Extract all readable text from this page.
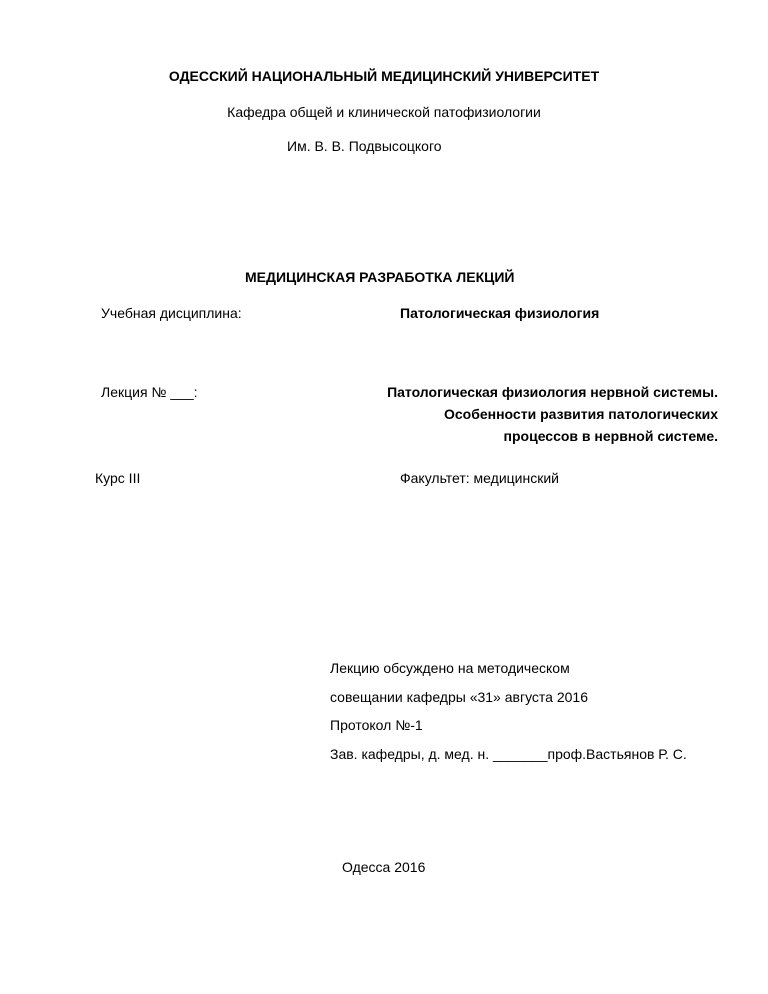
ОДЕССКИЙ НАЦИОНАЛЬНЫЙ МЕДИЦИНСКИЙ УНИВЕРСИТЕТ
Кафедра общей и клинической патофизиологии
Им. В. В. Подвысоцкого
МЕДИЦИНСКАЯ РАЗРАБОТКА ЛЕКЦИЙ
Учебная дисциплина:	Патологическая физиология
Лекция № ___:	Патологическая физиология нервной системы.
Особенности развития патологических
процессов в нервной системе.
Курс III	Факультет: медицинский
Лекцию обсуждено на методическом
совещании кафедры «31» августа 2016
Протокол №-1
Зав. кафедры, д. мед. н. _______проф.Вастьянов Р. С.
Одесса 2016
